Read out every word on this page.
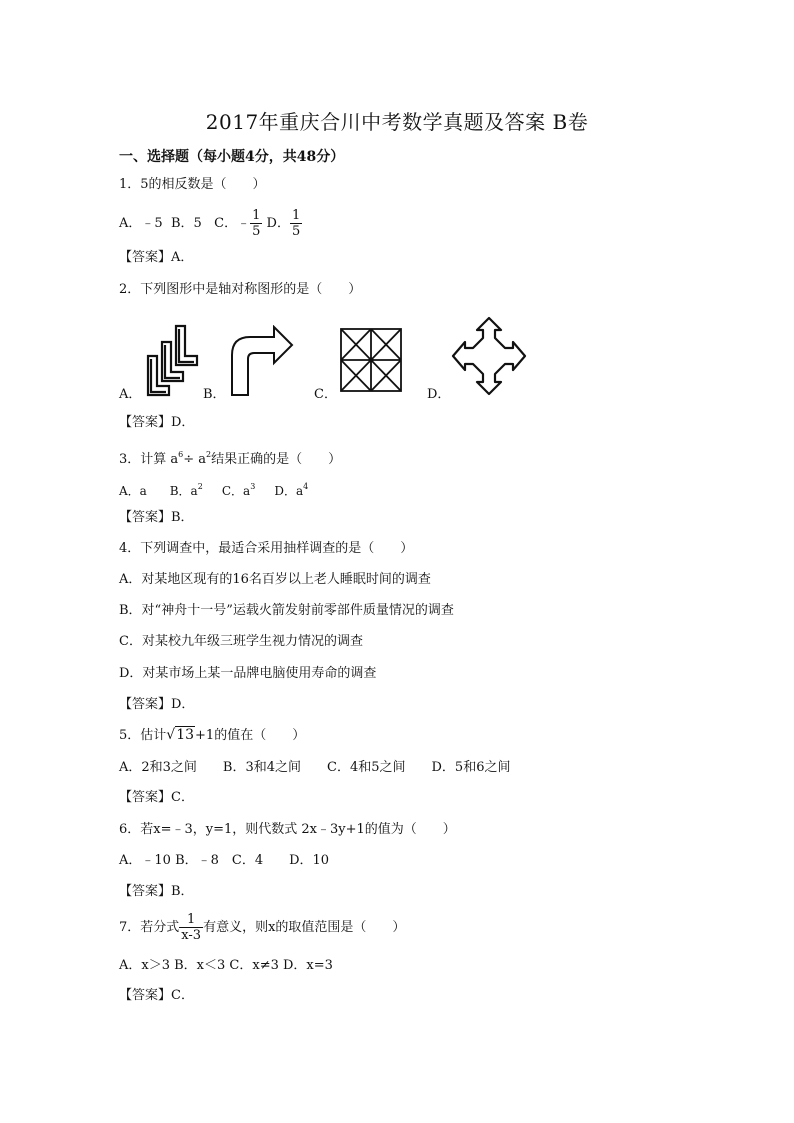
2017年重庆合川中考数学真题及答案 B卷
一、选择题（每小题4分，共48分）
1．5的相反数是（　　）
A．﹣5 B．5 C．﹣ $\frac{1}{5}$ D． $\frac{1}{5}$
【答案】A．
2．下列图形中是轴对称图形的是（　　）
A．	B．	C．	D．
【答案】D．
3．计算 $a^6\div a^2$结果正确的是（　　）
A．a B．$a^2$ C．$a^3$ D．$a^4$
【答案】B．
4．下列调查中，最适合采用抽样调查的是（　　）
A．对某地区现有的16名百岁以上老人睡眠时间的调查
B．对“神舟十一号”运载火箭发射前零部件质量情况的调查
C．对某校九年级三班学生视力情况的调查
D．对某市场上某一品牌电脑使用寿命的调查
【答案】D．
5．估计√13+1的值在（　　）
A．2和3之间　　B．3和4之间　　C．4和5之间　　D．5和6之间
【答案】C．
6．若x=﹣3，y=1，则代数式 2x﹣3y+1的值为（　　）
A．﹣10 B．﹣8　C．4　　D．10
【答案】B．
7．若分式 $\frac{1}{x-3}$ 有意义，则x的取值范围是（　　）
A．x＞3 B．x＜3 C．x≠3 D．x=3
【答案】C．
